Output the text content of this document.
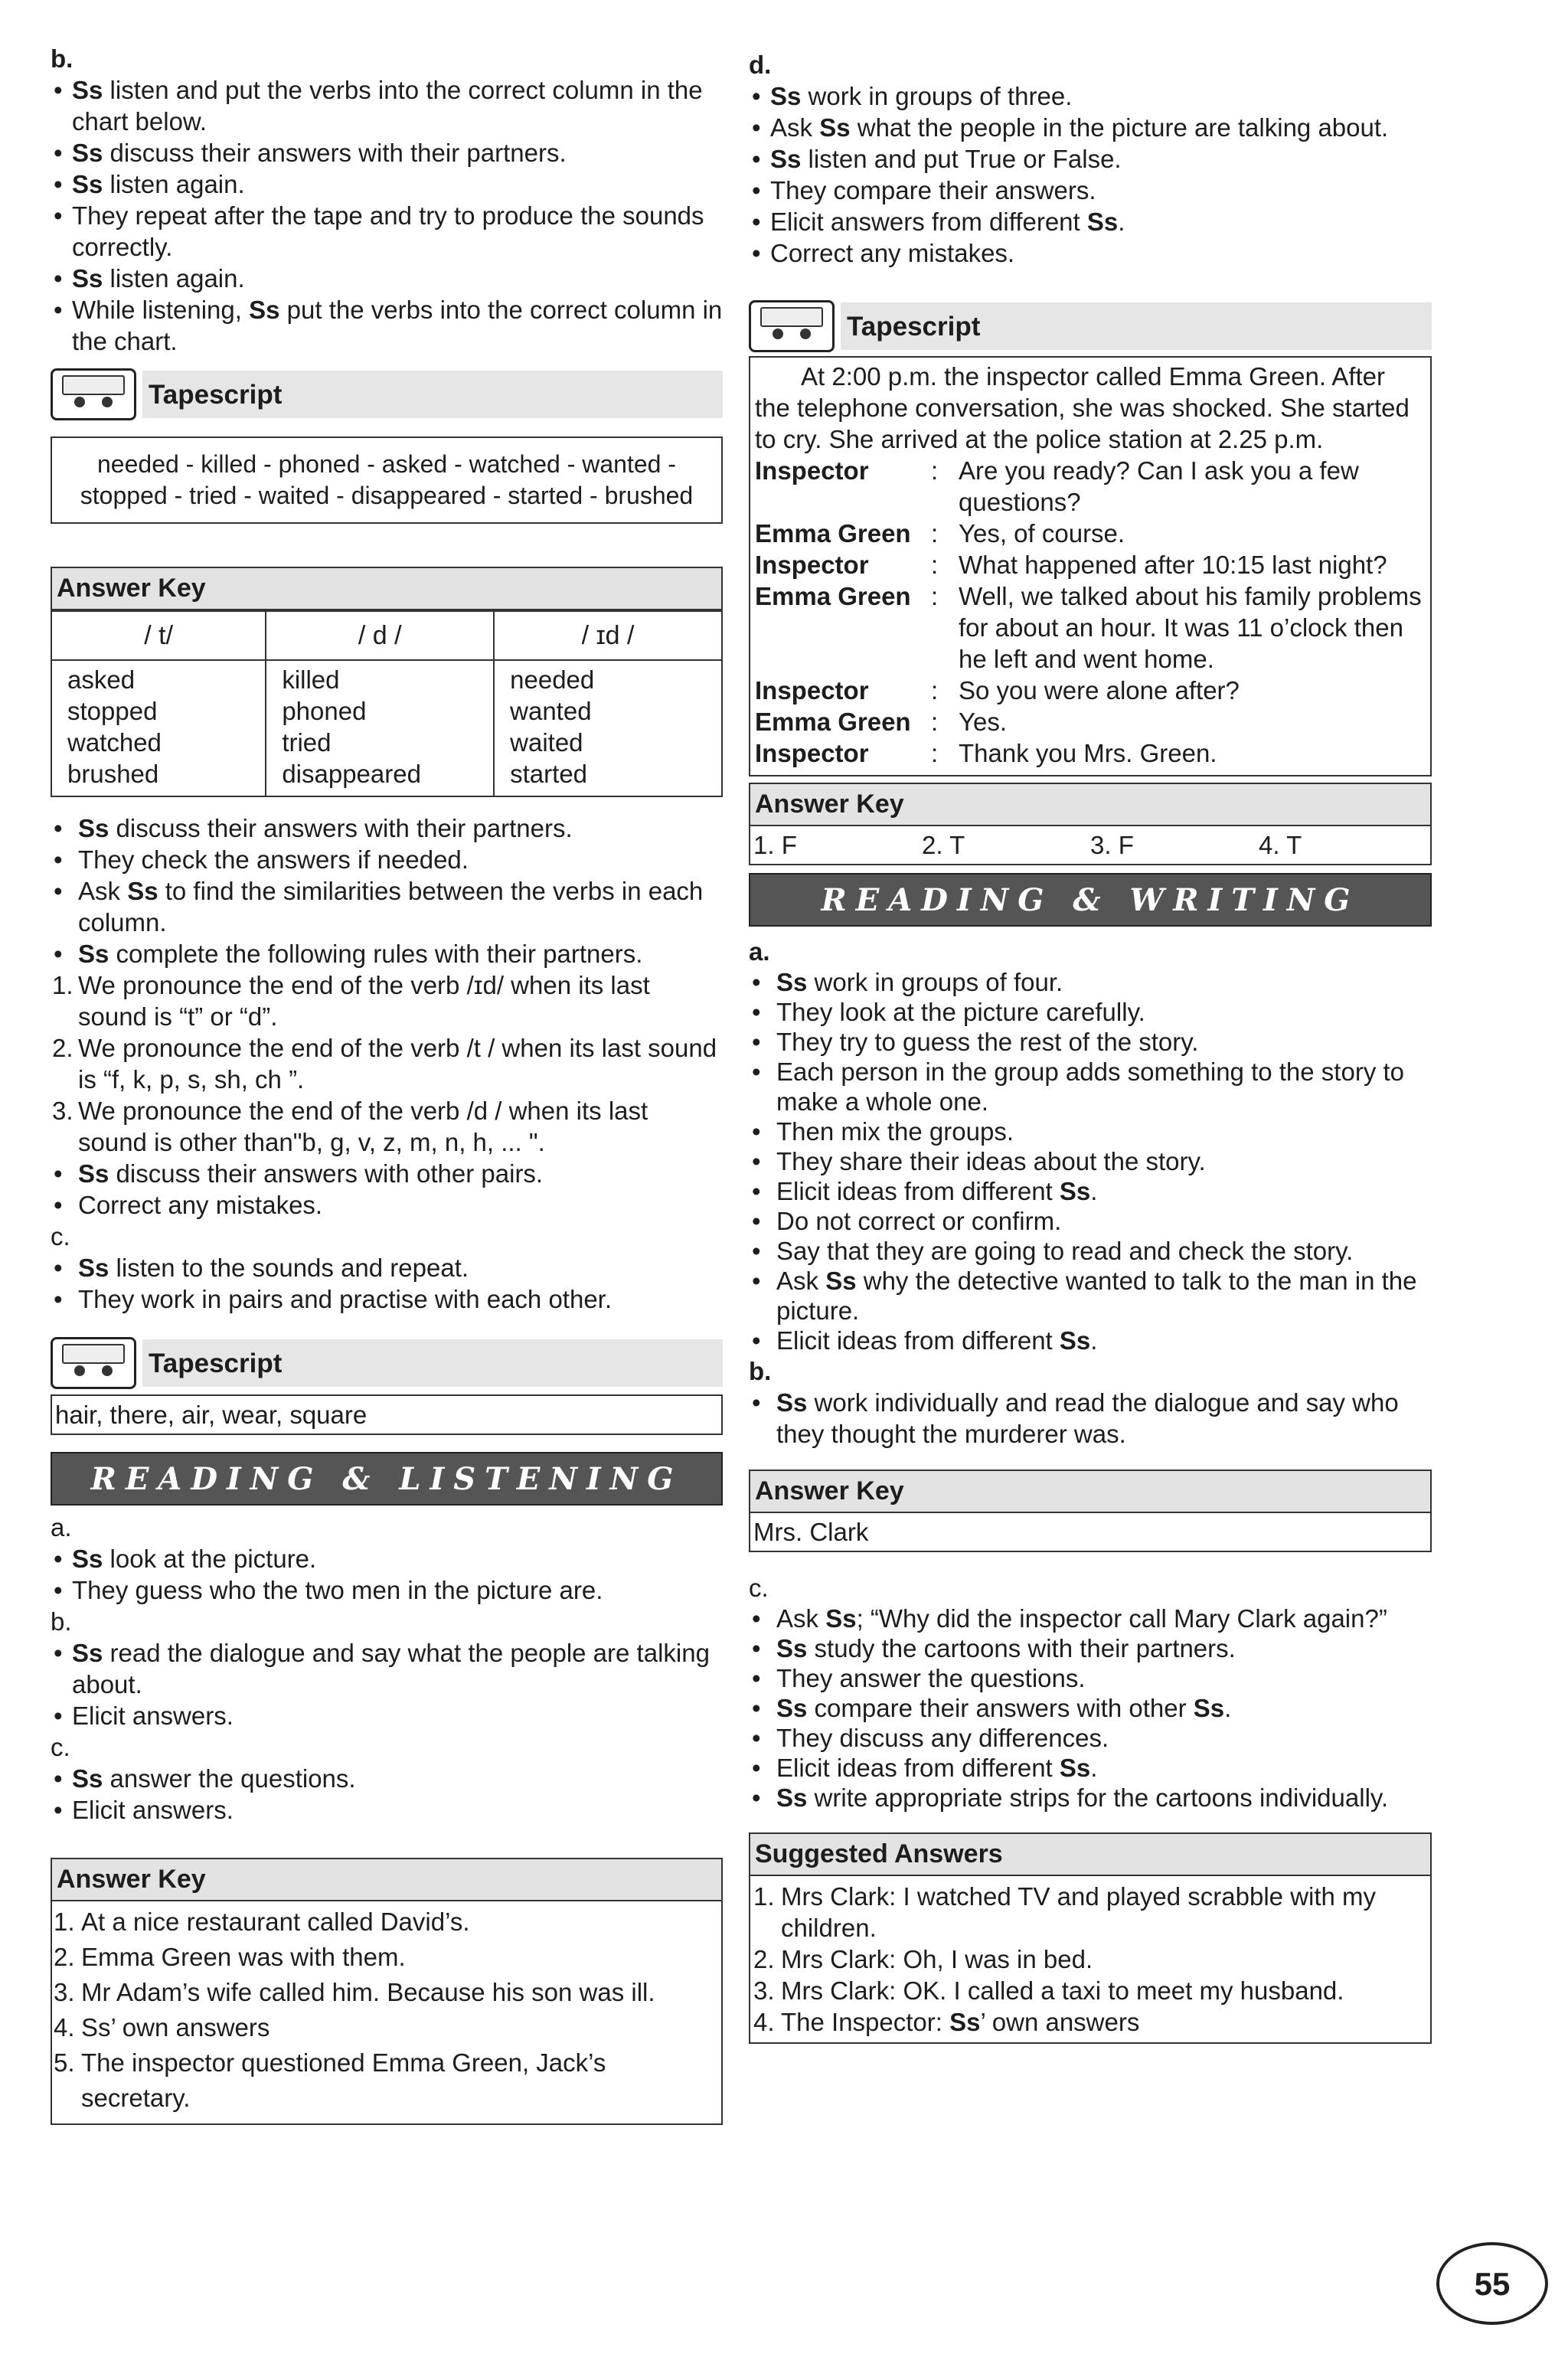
b.

• Ss listen and put the verbs into the correct column in the chart below.
• Ss discuss their answers with their partners.
• Ss listen again.
• They repeat after the tape and try to produce the sounds correctly.
• Ss listen again.
• While listening, Ss put the verbs into the correct column in the chart.
Tapescript
needed - killed - phoned - asked - watched - wanted - stopped - tried - waited - disappeared - started - brushed
Answer Key
/ t/	/ d /	/ ɪd /
asked	killed	needed
stopped	phoned	wanted
watched	tried	waited
brushed	disappeared	started
• Ss discuss their answers with their partners.
• They check the answers if needed.
• Ask Ss to find the similarities between the verbs in each column.
• Ss complete the following rules with their partners.
1. We pronounce the end of the verb /ɪd/ when its last sound is “t” or “d”.
2. We pronounce the end of the verb /t / when its last sound is “f, k, p, s, sh, ch ”.
3. We pronounce the end of the verb /d / when its last sound is other than"b, g, v, z, m, n, h, ... ".
• Ss discuss their answers with other pairs.
• Correct any mistakes.

c.

• Ss listen to the sounds and repeat.
• They work in pairs and practise with each other.
Tapescript
hair, there, air, wear, square
READING & LISTENING

a.

• Ss look at the picture.
• They guess who the two men in the picture are.

b.

• Ss read the dialogue and say what the people are talking about.
• Elicit answers.

c.

• Ss answer the questions.
• Elicit answers.
Answer Key
1. At a nice restaurant called David’s.
2. Emma Green was with them.
3. Mr Adam’s wife called him. Because his son was ill.
4. Ss’ own answers
5. The inspector questioned Emma Green, Jack’s secretary.

d.

• Ss work in groups of three.
• Ask Ss what the people in the picture are talking about.
• Ss listen and put True or False.
• They compare their answers.
• Elicit answers from different Ss.
• Correct any mistakes.
Tapescript
At 2:00 p.m. the inspector called Emma Green. After the telephone conversation, she was shocked. She started to cry. She arrived at the police station at 2.25 p.m.
Inspector	: Are you ready? Can I ask you a few questions?
Emma Green : Yes, of course.
Inspector	: What happened after 10:15 last night?
Emma Green : Well, we talked about his family problems for about an hour. It was 11 o’clock then he left and went home.
Inspector	: So you were alone after?
Emma Green : Yes.
Inspector	: Thank you Mrs. Green.
Answer Key
1. F	2. T	3. F	4. T
READING & WRITING

a.

• Ss work in groups of four.
• They look at the picture carefully.
• They try to guess the rest of the story.
• Each person in the group adds something to the story to make a whole one.
• Then mix the groups.
• They share their ideas about the story.
• Elicit ideas from different Ss.
• Do not correct or confirm.
• Say that they are going to read and check the story.
• Ask Ss why the detective wanted to talk to the man in the picture.
• Elicit ideas from different Ss.

b.

• Ss work individually and read the dialogue and say who they thought the murderer was.
Answer Key
Mrs. Clark

c.

• Ask Ss; “Why did the inspector call Mary Clark again?”
• Ss study the cartoons with their partners.
• They answer the questions.
• Ss compare their answers with other Ss.
• They discuss any differences.
• Elicit ideas from different Ss.
• Ss write appropriate strips for the cartoons individually.
Suggested Answers
1. Mrs Clark: I watched TV and played scrabble with my children.
2. Mrs Clark: Oh, I was in bed.
3. Mrs Clark: OK. I called a taxi to meet my husband.
4. The Inspector: Ss’ own answers
55
